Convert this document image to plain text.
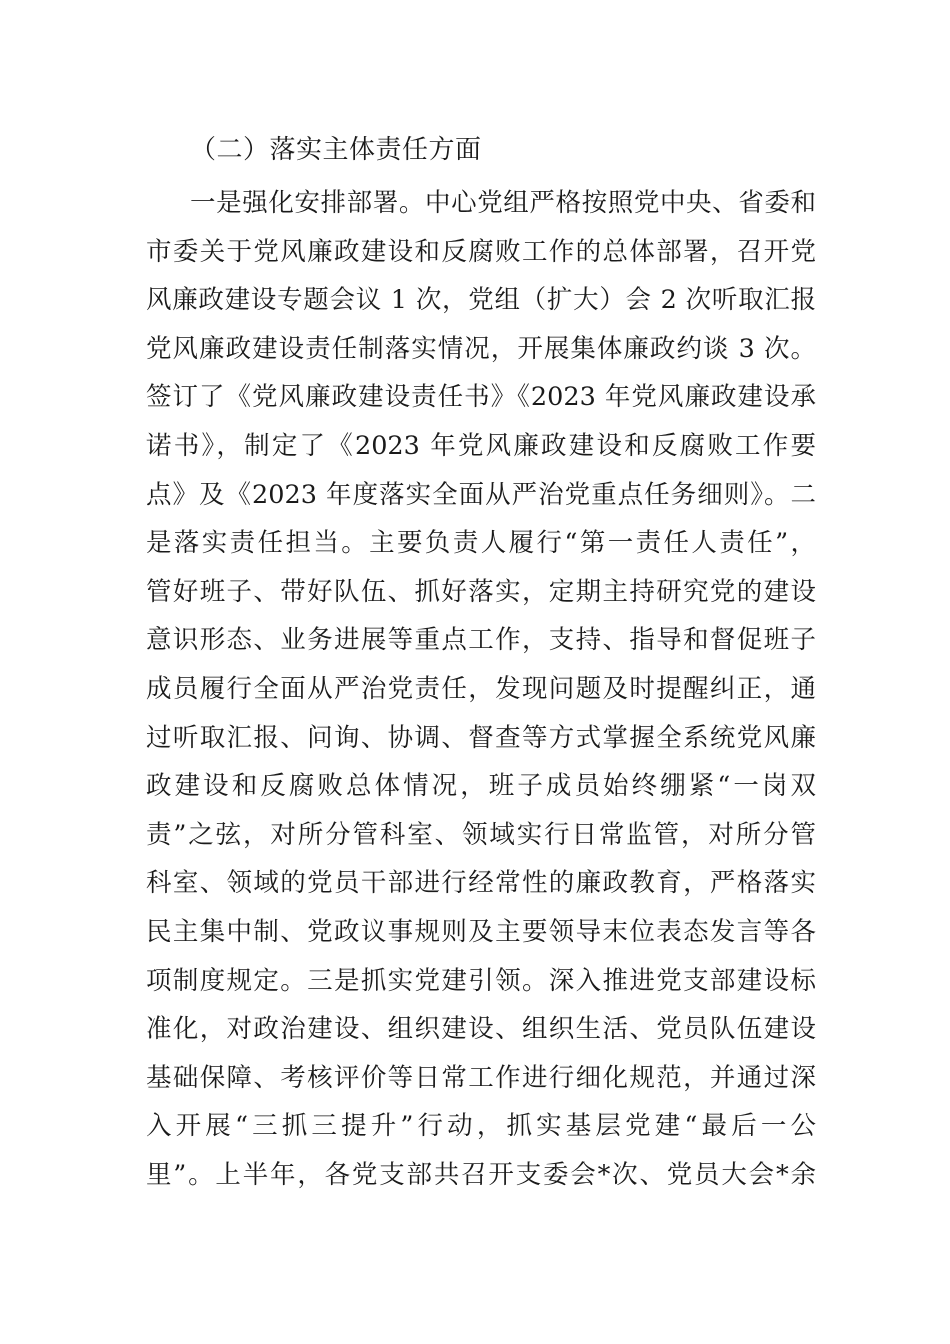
（二）落实主体责任方面
一是强化安排部署。中心党组严格按照党中央、省委和
市委关于党风廉政建设和反腐败工作的总体部署，召开党
风廉政建设专题会议 1 次，党组（扩大）会 2 次听取汇报
党风廉政建设责任制落实情况，开展集体廉政约谈 3 次。
签订了《党风廉政建设责任书》《2023 年党风廉政建设承
诺书》，制定了《2023 年党风廉政建设和反腐败工作要
点》及《2023 年度落实全面从严治党重点任务细则》。二
是落实责任担当。主要负责人履行“第一责任人责任”，
管好班子、带好队伍、抓好落实，定期主持研究党的建设
意识形态、业务进展等重点工作，支持、指导和督促班子
成员履行全面从严治党责任，发现问题及时提醒纠正，通
过听取汇报、问询、协调、督查等方式掌握全系统党风廉
政建设和反腐败总体情况，班子成员始终绷紧“一岗双
责”之弦，对所分管科室、领域实行日常监管，对所分管
科室、领域的党员干部进行经常性的廉政教育，严格落实
民主集中制、党政议事规则及主要领导末位表态发言等各
项制度规定。三是抓实党建引领。深入推进党支部建设标
准化，对政治建设、组织建设、组织生活、党员队伍建设
基础保障、考核评价等日常工作进行细化规范，并通过深
入开展“三抓三提升”行动，抓实基层党建“最后一公
里”。上半年，各党支部共召开支委会*次、党员大会*余
